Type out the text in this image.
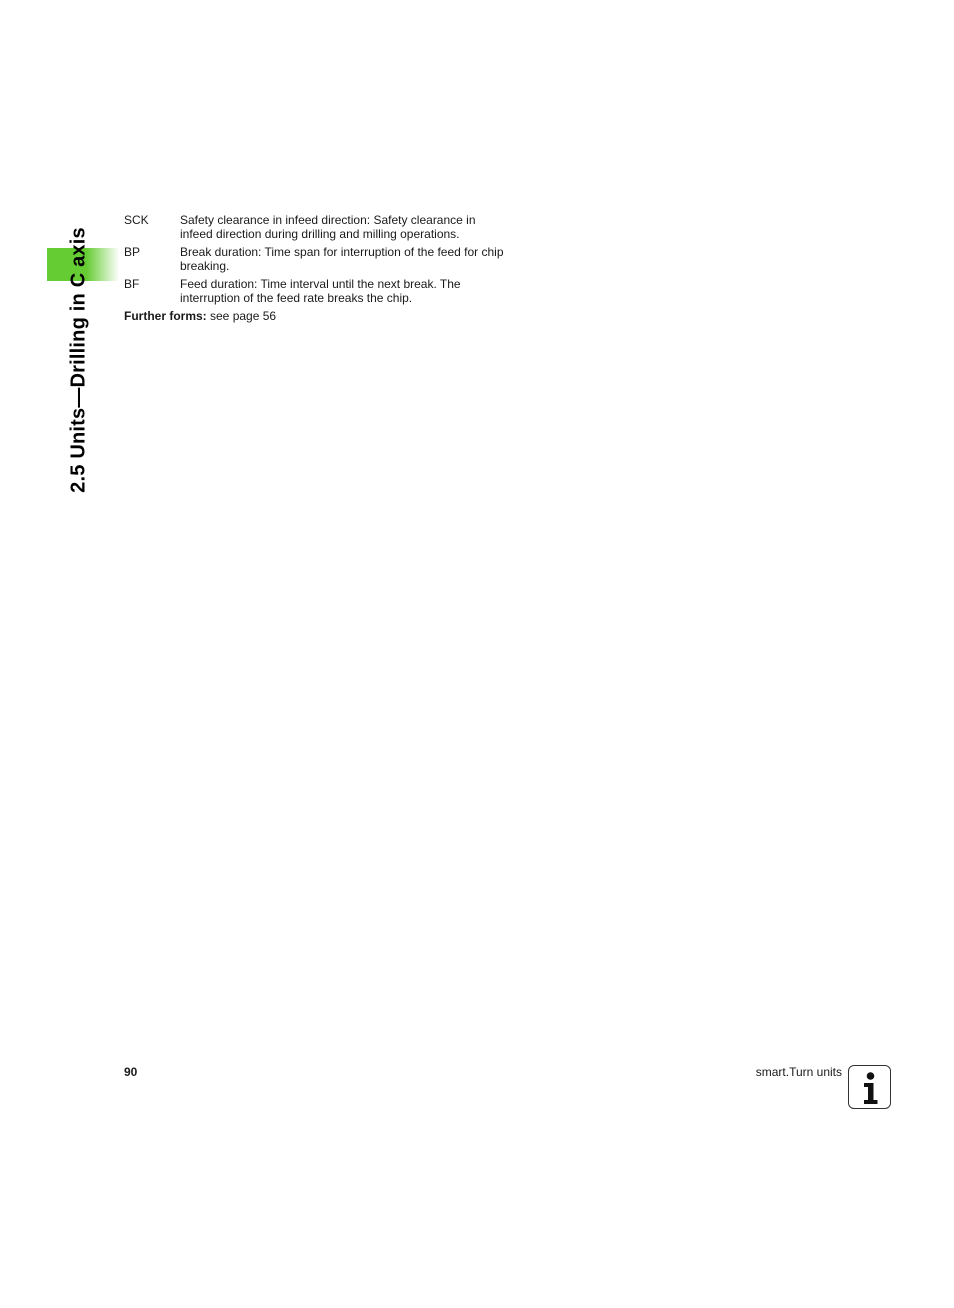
2.5 Units—Drilling in C axis
SCK	Safety clearance in infeed direction: Safety clearance in infeed direction during drilling and milling operations.
BP	Break duration: Time span for interruption of the feed for chip breaking.
BF	Feed duration: Time interval until the next break. The interruption of the feed rate breaks the chip.
Further forms: see page 56
90	smart.Turn units
